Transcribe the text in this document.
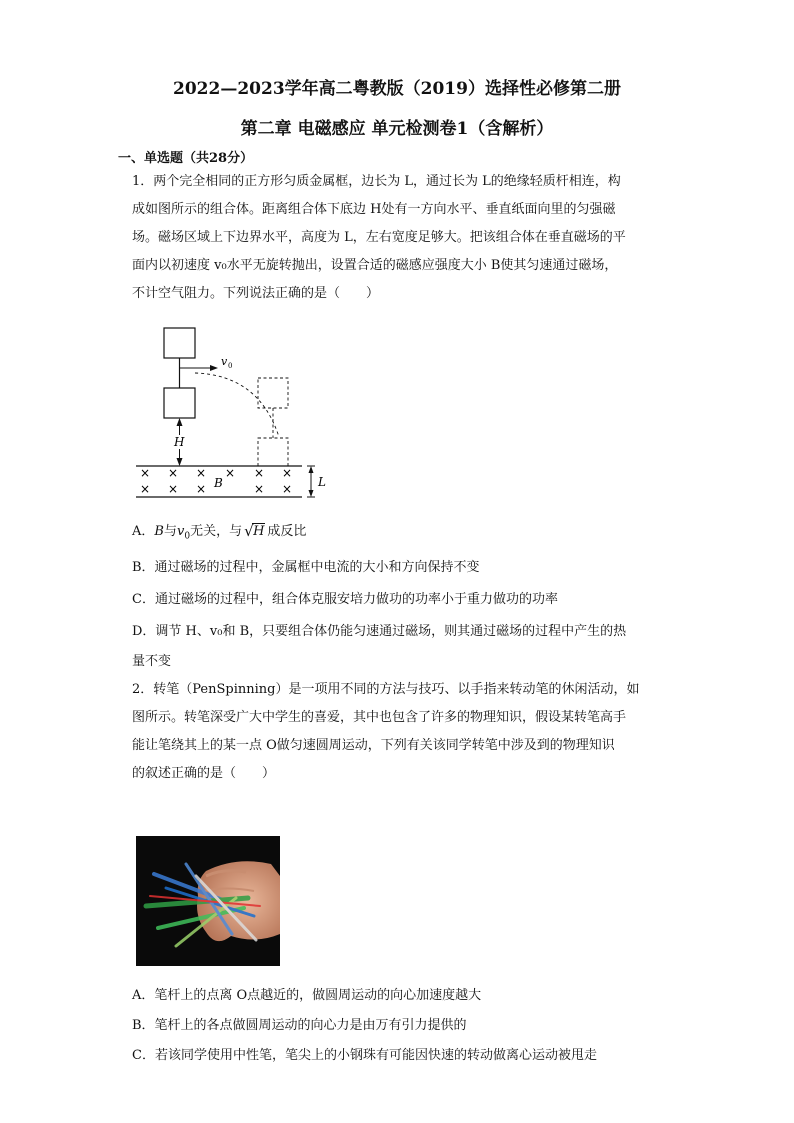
2022—2023学年高二粤教版（2019）选择性必修第二册
第二章 电磁感应 单元检测卷1（含解析）
一、单选题（共28分）

1．两个完全相同的正方形匀质金属框，边长为 L，通过长为 L的绝缘轻质杆相连，构
成如图所示的组合体。距离组合体下底边 H处有一方向水平、垂直纸面向里的匀强磁
场。磁场区域上下边界水平，高度为 L，左右宽度足够大。把该组合体在垂直磁场的平
面内以初速度 v₀水平无旋转抛出，设置合适的磁感应强度大小 B使其匀速通过磁场，
不计空气阻力。下列说法正确的是（　　）

v 0
H
× × × × × ×
× × ×	× ×
B	L
A．B与$v_0$无关，与 √ H 成反比
B．通过磁场的过程中，金属框中电流的大小和方向保持不变
C．通过磁场的过程中，组合体克服安培力做功的功率小于重力做功的功率
D．调节 H、v₀和 B，只要组合体仍能匀速通过磁场，则其通过磁场的过程中产生的热
量不变

2．转笔（PenSpinning）是一项用不同的方法与技巧、以手指来转动笔的休闲活动，如
图所示。转笔深受广大中学生的喜爱，其中也包含了许多的物理知识，假设某转笔高手
能让笔绕其上的某一点 O做匀速圆周运动，下列有关该同学转笔中涉及到的物理知识
的叙述正确的是（　　）

A．笔杆上的点离 O点越近的，做圆周运动的向心加速度越大
B．笔杆上的各点做圆周运动的向心力是由万有引力提供的
C．若该同学使用中性笔，笔尖上的小钢珠有可能因快速的转动做离心运动被甩走
